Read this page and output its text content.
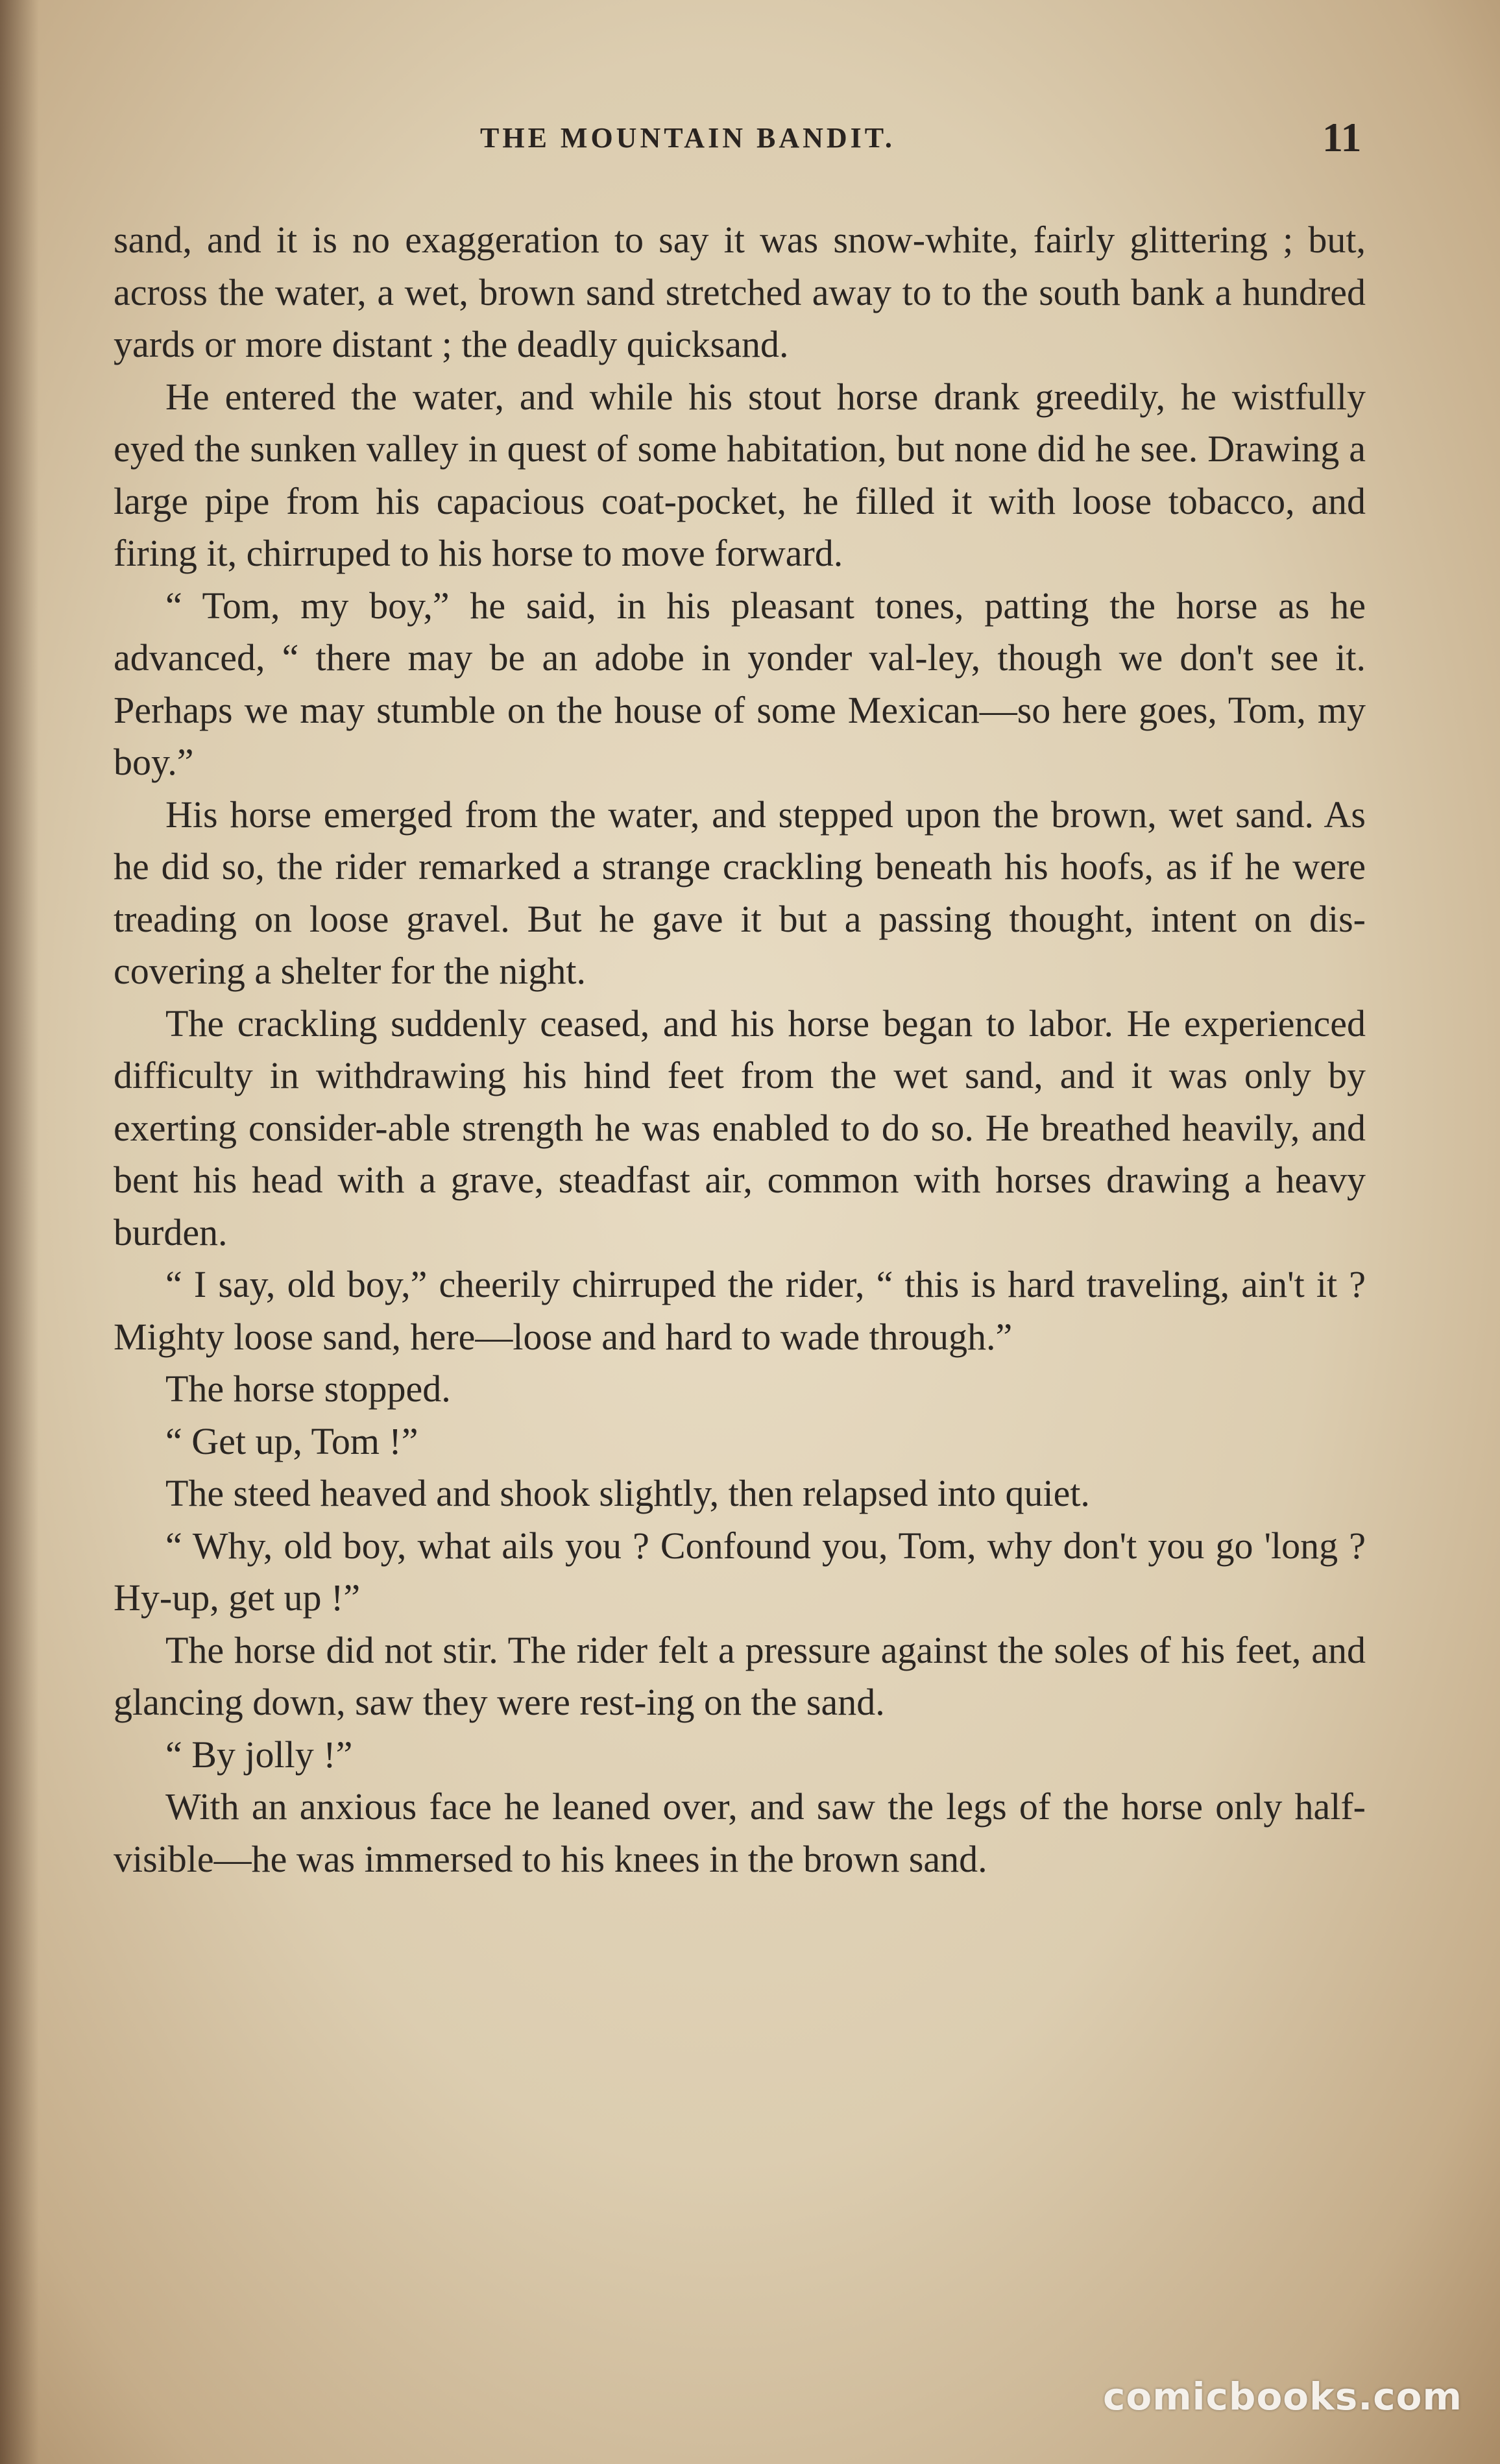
THE MOUNTAIN BANDIT.	11

sand, and it is no exaggeration to say it was snow-white, fairly glittering ; but, across the water, a wet, brown sand stretched away to to the south bank a hundred yards or more distant ; the deadly quicksand.

He entered the water, and while his stout horse drank greedily, he wistfully eyed the sunken valley in quest of some habitation, but none did he see. Drawing a large pipe from his capacious coat-pocket, he filled it with loose tobacco, and firing it, chirruped to his horse to move forward.

“ Tom, my boy,” he said, in his pleasant tones, patting the horse as he advanced, “ there may be an adobe in yonder val-ley, though we don't see it. Perhaps we may stumble on the house of some Mexican—so here goes, Tom, my boy.”

His horse emerged from the water, and stepped upon the brown, wet sand. As he did so, the rider remarked a strange crackling beneath his hoofs, as if he were treading on loose gravel. But he gave it but a passing thought, intent on dis-covering a shelter for the night.

The crackling suddenly ceased, and his horse began to labor. He experienced difficulty in withdrawing his hind feet from the wet sand, and it was only by exerting consider-able strength he was enabled to do so. He breathed heavily, and bent his head with a grave, steadfast air, common with horses drawing a heavy burden.

“ I say, old boy,” cheerily chirruped the rider, “ this is hard traveling, ain't it ? Mighty loose sand, here—loose and hard to wade through.”

The horse stopped.

“ Get up, Tom !”

The steed heaved and shook slightly, then relapsed into quiet.

“ Why, old boy, what ails you ? Confound you, Tom, why don't you go 'long ? Hy-up, get up !”

The horse did not stir. The rider felt a pressure against the soles of his feet, and glancing down, saw they were rest-ing on the sand.

“ By jolly !”

With an anxious face he leaned over, and saw the legs of the horse only half-visible—he was immersed to his knees in the brown sand.

comicbooks.com
